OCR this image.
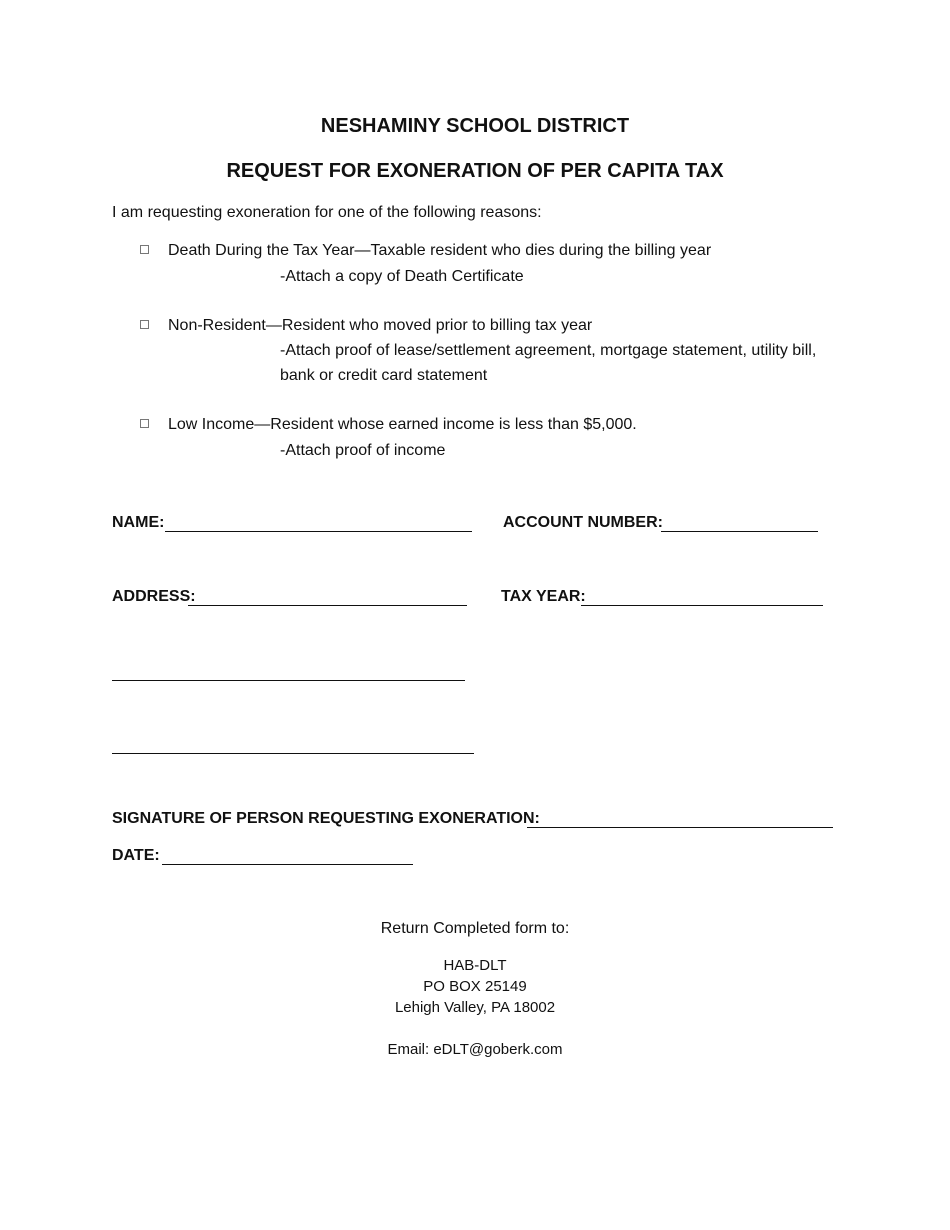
NESHAMINY SCHOOL DISTRICT
REQUEST FOR EXONERATION OF PER CAPITA TAX
I am requesting exoneration for one of the following reasons:
Death During the Tax Year—Taxable resident who dies during the billing year
-Attach a copy of Death Certificate
Non-Resident—Resident who moved prior to billing tax year
-Attach proof of lease/settlement agreement, mortgage statement, utility bill, bank or credit card statement
Low Income—Resident whose earned income is less than $5,000.
-Attach proof of income
NAME:	ACCOUNT NUMBER:
ADDRESS:	TAX YEAR:
SIGNATURE OF PERSON REQUESTING EXONERATION:
DATE:
Return Completed form to:
HAB-DLT
PO BOX 25149
Lehigh Valley, PA 18002
Email: eDLT@goberk.com
